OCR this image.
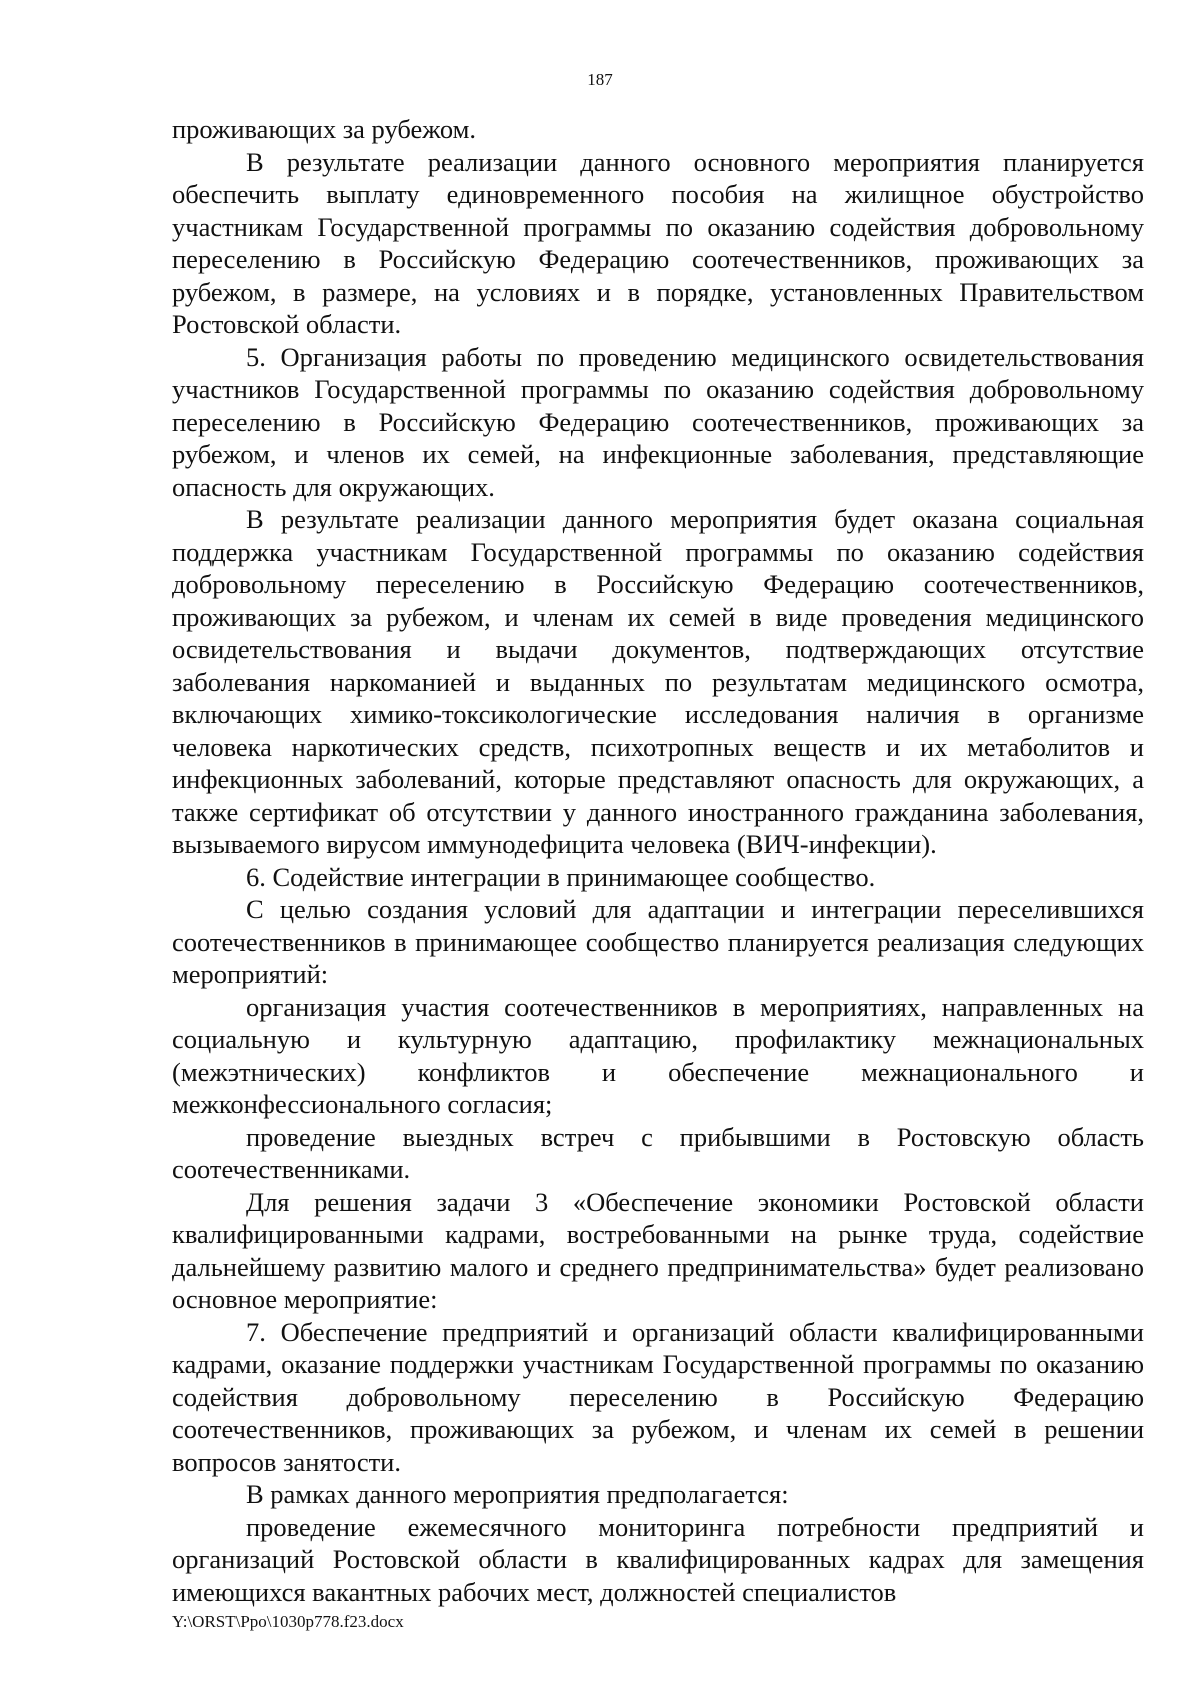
187

проживающих за рубежом.

В результате реализации данного основного мероприятия планируется обеспечить выплату единовременного пособия на жилищное обустройство участникам Государственной программы по оказанию содействия добровольному переселению в Российскую Федерацию соотечественников, проживающих за рубежом, в размере, на условиях и в порядке, установленных Правительством Ростовской области.

5. Организация работы по проведению медицинского освидетельствования участников Государственной программы по оказанию содействия добровольному переселению в Российскую Федерацию соотечественников, проживающих за рубежом, и членов их семей, на инфекционные заболевания, представляющие опасность для окружающих.

В результате реализации данного мероприятия будет оказана социальная поддержка участникам Государственной программы по оказанию содействия добровольному переселению в Российскую Федерацию соотечественников, проживающих за рубежом, и членам их семей в виде проведения медицинского освидетельствования и выдачи документов, подтверждающих отсутствие заболевания наркоманией и выданных по результатам медицинского осмотра, включающих химико-токсикологические исследования наличия в организме человека наркотических средств, психотропных веществ и их метаболитов и инфекционных заболеваний, которые представляют опасность для окружающих, а также сертификат об отсутствии у данного иностранного гражданина заболевания, вызываемого вирусом иммунодефицита человека (ВИЧ-инфекции).

6. Содействие интеграции в принимающее сообщество.

С целью создания условий для адаптации и интеграции переселившихся соотечественников в принимающее сообщество планируется реализация следующих мероприятий:

организация участия соотечественников в мероприятиях, направленных на социальную и культурную адаптацию, профилактику межнациональных (межэтнических) конфликтов и обеспечение межнационального и межконфессионального согласия;

проведение выездных встреч с прибывшими в Ростовскую область соотечественниками.

Для решения задачи 3 «Обеспечение экономики Ростовской области квалифицированными кадрами, востребованными на рынке труда, содействие дальнейшему развитию малого и среднего предпринимательства» будет реализовано основное мероприятие:

7. Обеспечение предприятий и организаций области квалифицированными кадрами, оказание поддержки участникам Государственной программы по оказанию содействия добровольному переселению в Российскую Федерацию соотечественников, проживающих за рубежом, и членам их семей в решении вопросов занятости.

В рамках данного мероприятия предполагается:

проведение ежемесячного мониторинга потребности предприятий и организаций Ростовской области в квалифицированных кадрах для замещения имеющихся вакантных рабочих мест, должностей специалистов

Y:\ORST\Ppo\1030p778.f23.docx
